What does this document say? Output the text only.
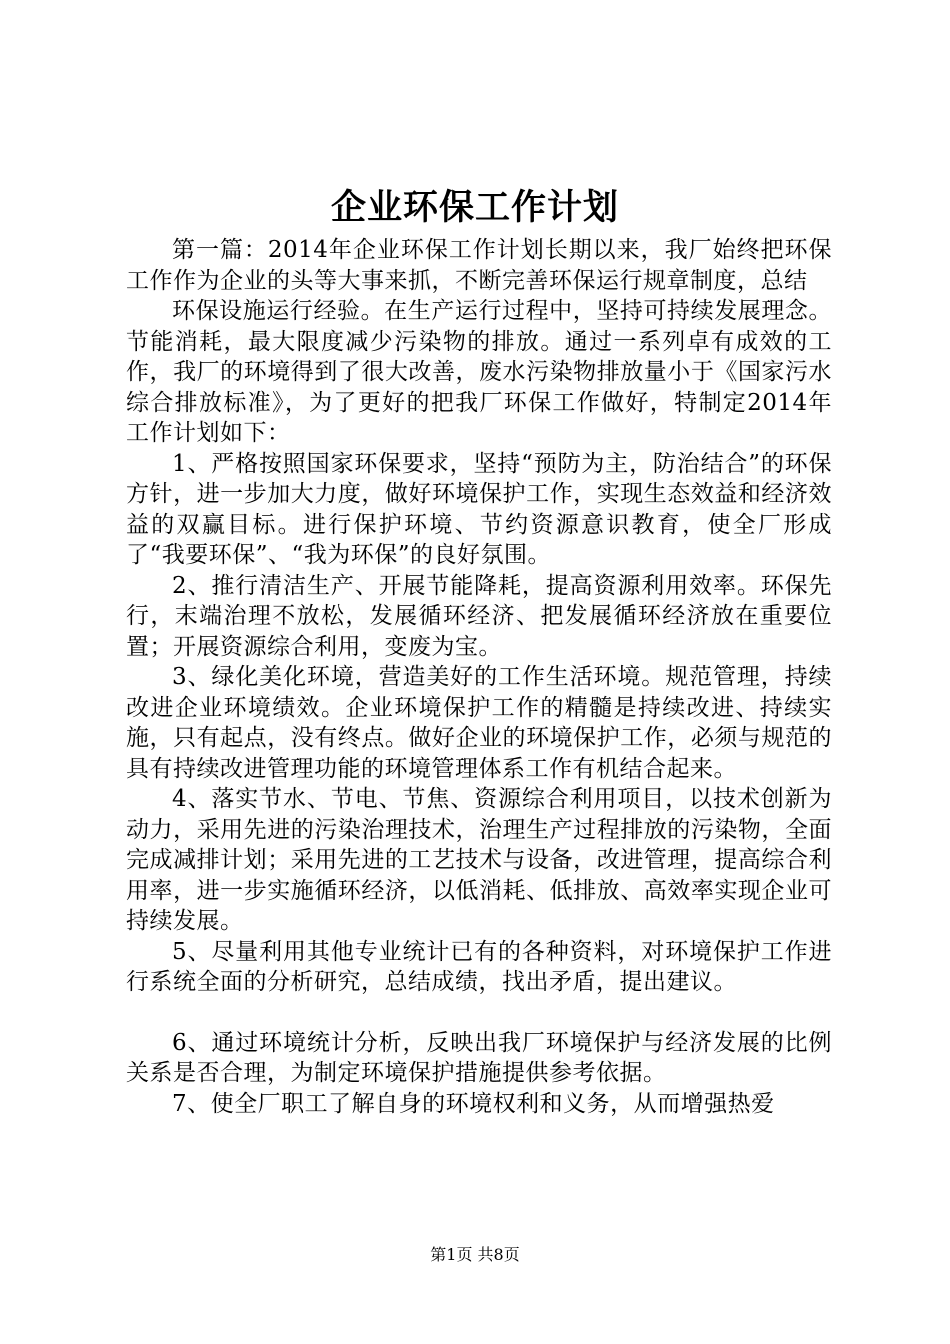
企业环保工作计划

第一篇：2014年企业环保工作计划长期以来，我厂始终把环保工作作为企业的头等大事来抓，不断完善环保运行规章制度，总结

环保设施运行经验。在生产运行过程中，坚持可持续发展理念。节能消耗，最大限度减少污染物的排放。通过一系列卓有成效的工作，我厂的环境得到了很大改善，废水污染物排放量小于《国家污水综合排放标准》，为了更好的把我厂环保工作做好，特制定2014年工作计划如下：

1、严格按照国家环保要求，坚持“预防为主，防治结合”的环保方针，进一步加大力度，做好环境保护工作，实现生态效益和经济效益的双赢目标。进行保护环境、节约资源意识教育，使全厂形成了“我要环保”、“我为环保”的良好氛围。

2、推行清洁生产、开展节能降耗，提高资源利用效率。环保先行，末端治理不放松，发展循环经济、把发展循环经济放在重要位置；开展资源综合利用，变废为宝。

3、绿化美化环境，营造美好的工作生活环境。规范管理，持续改进企业环境绩效。企业环境保护工作的精髓是持续改进、持续实施，只有起点，没有终点。做好企业的环境保护工作，必须与规范的具有持续改进管理功能的环境管理体系工作有机结合起来。

4、落实节水、节电、节焦、资源综合利用项目，以技术创新为动力，采用先进的污染治理技术，治理生产过程排放的污染物，全面完成减排计划；采用先进的工艺技术与设备，改进管理，提高综合利用率，进一步实施循环经济，以低消耗、低排放、高效率实现企业可持续发展。

5、尽量利用其他专业统计已有的各种资料，对环境保护工作进行系统全面的分析研究，总结成绩，找出矛盾，提出建议。

6、通过环境统计分析，反映出我厂环境保护与经济发展的比例关系是否合理，为制定环境保护措施提供参考依据。

7、使全厂职工了解自身的环境权利和义务，从而增强热爱

第1页 共8页
